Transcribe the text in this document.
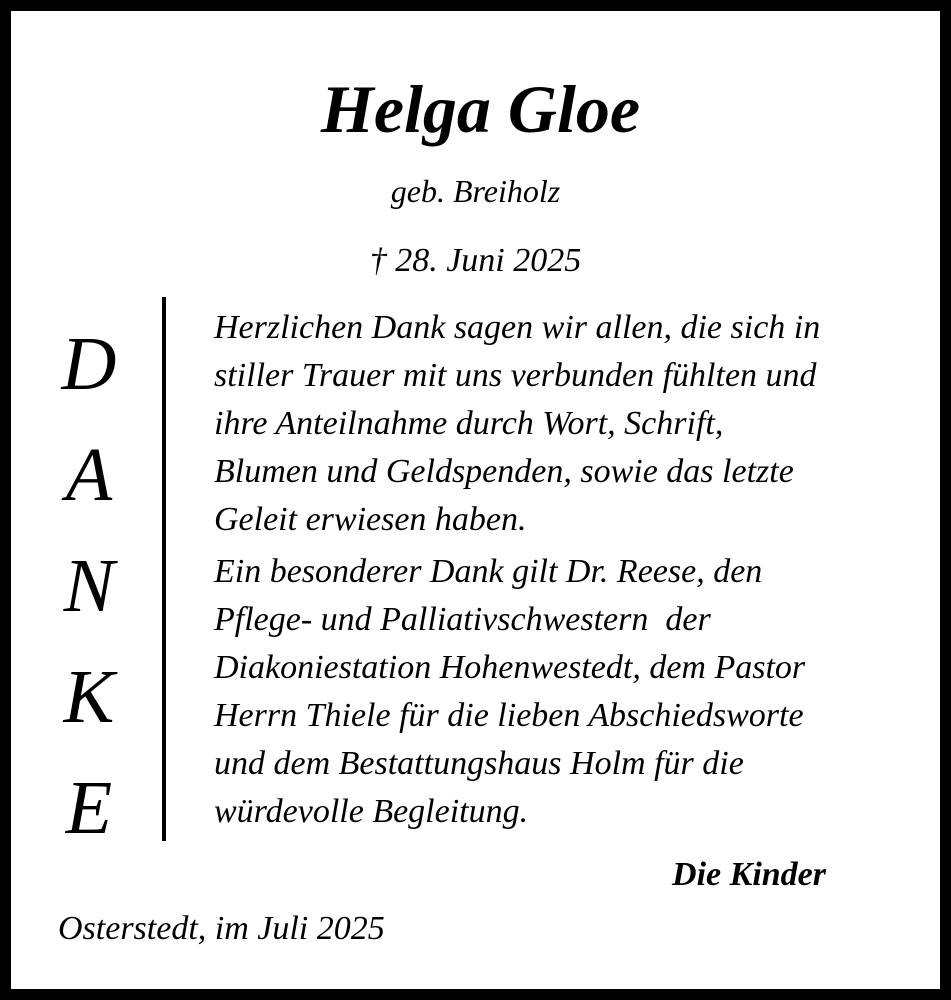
Helga Gloe
geb. Breiholz
† 28. Juni 2025
D
A
N
K
E

Herzlichen Dank sagen wir allen, die sich in
stiller Trauer mit uns verbunden fühlten und
ihre Anteilnahme durch Wort, Schrift,
Blumen und Geldspenden, sowie das letzte
Geleit erwiesen haben.

Ein besonderer Dank gilt Dr. Reese, den
Pflege- und Palliativschwestern  der
Diakoniestation Hohenwestedt, dem Pastor
Herrn Thiele für die lieben Abschiedsworte
und dem Bestattungshaus Holm für die
würdevolle Begleitung.

Die Kinder
Osterstedt, im Juli 2025
